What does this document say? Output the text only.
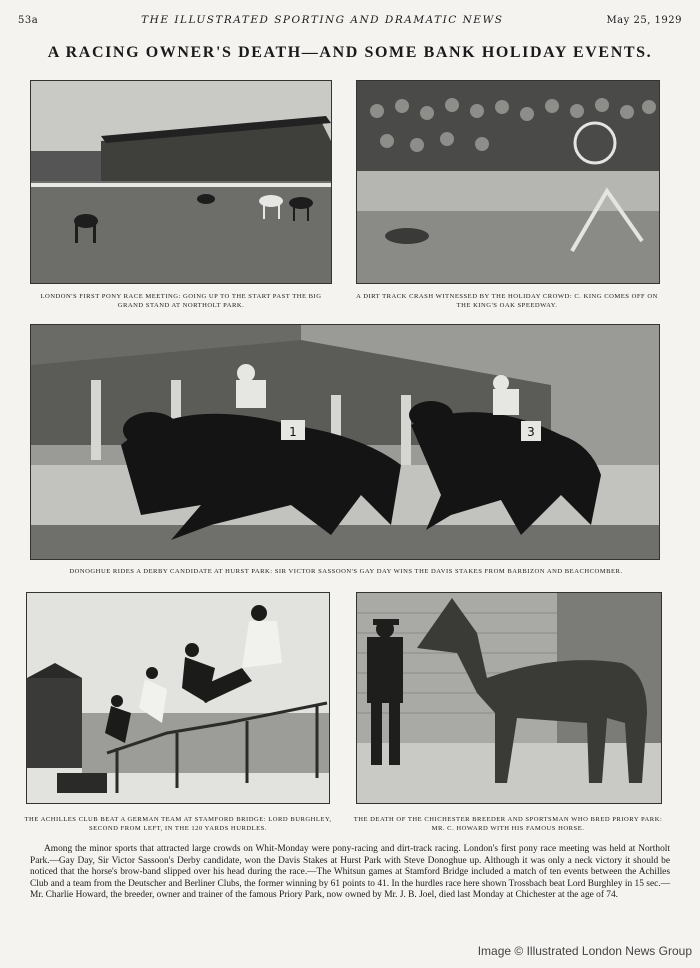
53a	THE ILLUSTRATED SPORTING AND DRAMATIC NEWS	May 25, 1929
A RACING OWNER'S DEATH—AND SOME BANK HOLIDAY EVENTS.
LONDON'S FIRST PONY RACE MEETING: GOING UP TO THE START PAST THE BIG GRAND STAND AT NORTHOLT PARK.
A DIRT TRACK CRASH WITNESSED BY THE HOLIDAY CROWD: C. KING COMES OFF ON THE KING'S OAK SPEEDWAY.
1	3
DONOGHUE RIDES A DERBY CANDIDATE AT HURST PARK: SIR VICTOR SASSOON'S GAY DAY WINS THE DAVIS STAKES FROM BARBIZON AND BEACHCOMBER.
THE ACHILLES CLUB BEAT A GERMAN TEAM AT STAMFORD BRIDGE: LORD BURGHLEY, SECOND FROM LEFT, IN THE 120 YARDS HURDLES.
THE DEATH OF THE CHICHESTER BREEDER AND SPORTSMAN WHO BRED PRIORY PARK: MR. C. HOWARD WITH HIS FAMOUS HORSE.
Among the minor sports that attracted large crowds on Whit-Monday were pony-racing and dirt-track racing. London's first pony race meeting was held at Northolt Park.—Gay Day, Sir Victor Sassoon's Derby candidate, won the Davis Stakes at Hurst Park with Steve Donoghue up. Although it was only a neck victory it should be noticed that the horse's brow-band slipped over his head during the race.—The Whitsun games at Stamford Bridge included a match of ten events between the Achilles Club and a team from the Deutscher and Berliner Clubs, the former winning by 61 points to 41. In the hurdles race here shown Trossbach beat Lord Burghley in 15 sec.—Mr. Charlie Howard, the breeder, owner and trainer of the famous Priory Park, now owned by Mr. J. B. Joel, died last Monday at Chichester at the age of 74.
Image © Illustrated London News Group
